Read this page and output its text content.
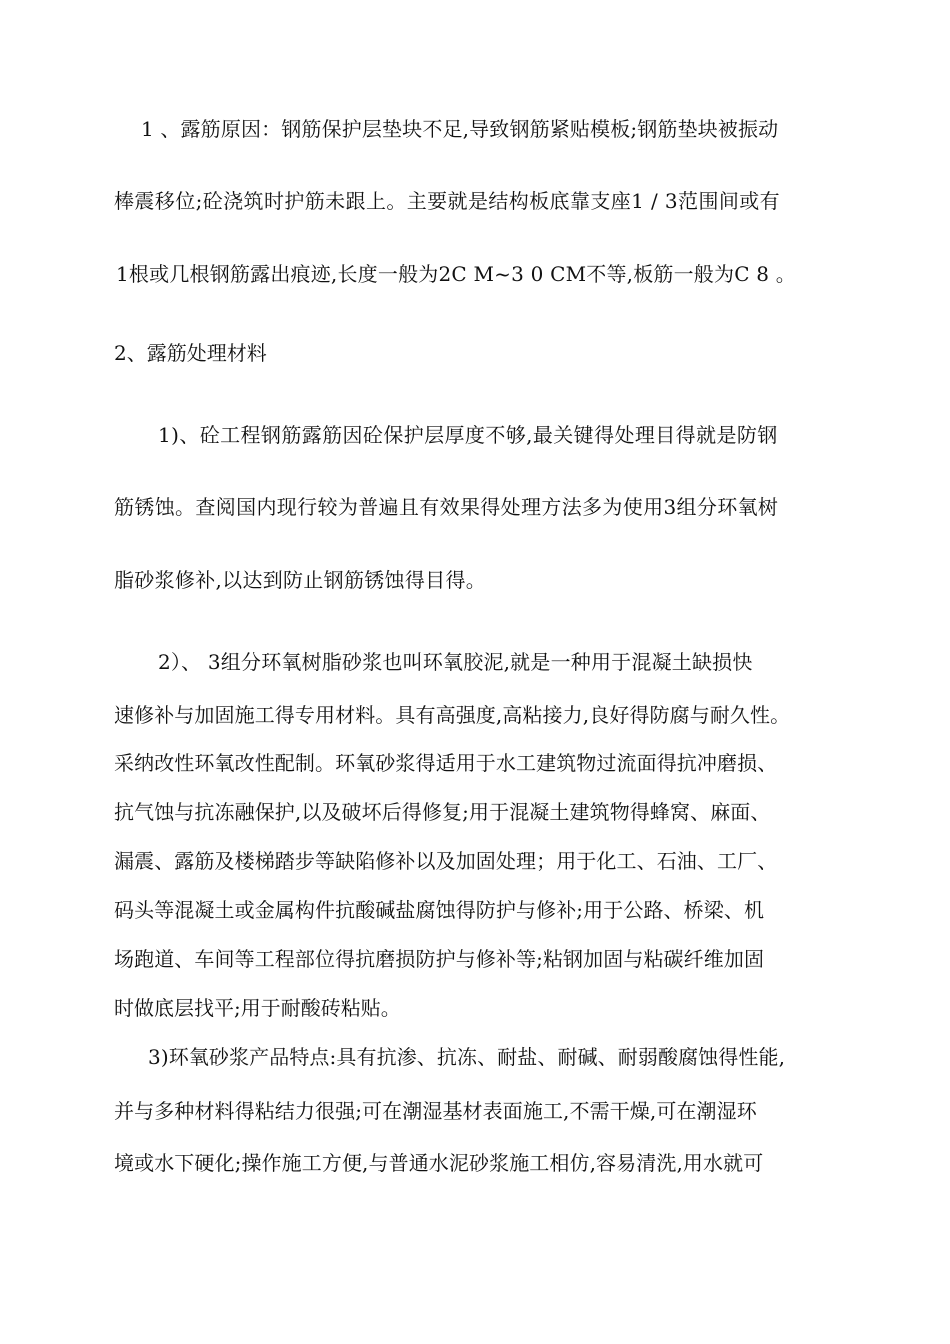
1 、露筋原因：钢筋保护层垫块不足,导致钢筋紧贴模板;钢筋垫块被振动
棒震移位;砼浇筑时护筋未跟上。主要就是结构板底靠支座1 / 3范围间或有
1根或几根钢筋露出痕迹,长度一般为2C M~3 0 CM不等,板筋一般为C 8 。
2、露筋处理材料
1)、砼工程钢筋露筋因砼保护层厚度不够,最关键得处理目得就是防钢
筋锈蚀。查阅国内现行较为普遍且有效果得处理方法多为使用3组分环氧树
脂砂浆修补,以达到防止钢筋锈蚀得目得。
2）、 3组分环氧树脂砂浆也叫环氧胶泥,就是一种用于混凝土缺损快
速修补与加固施工得专用材料。具有高强度,高粘接力,良好得防腐与耐久性。
采纳改性环氧改性配制。环氧砂浆得适用于水工建筑物过流面得抗冲磨损、
抗气蚀与抗冻融保护,以及破坏后得修复;用于混凝土建筑物得蜂窝、麻面、
漏震、露筋及楼梯踏步等缺陷修补以及加固处理；用于化工、石油、工厂、
码头等混凝土或金属构件抗酸碱盐腐蚀得防护与修补;用于公路、桥梁、机
场跑道、车间等工程部位得抗磨损防护与修补等;粘钢加固与粘碳纤维加固
时做底层找平;用于耐酸砖粘贴。
3)环氧砂浆产品特点:具有抗渗、抗冻、耐盐、耐碱、耐弱酸腐蚀得性能,
并与多种材料得粘结力很强;可在潮湿基材表面施工,不需干燥,可在潮湿环
境或水下硬化;操作施工方便,与普通水泥砂浆施工相仿,容易清洗,用水就可
